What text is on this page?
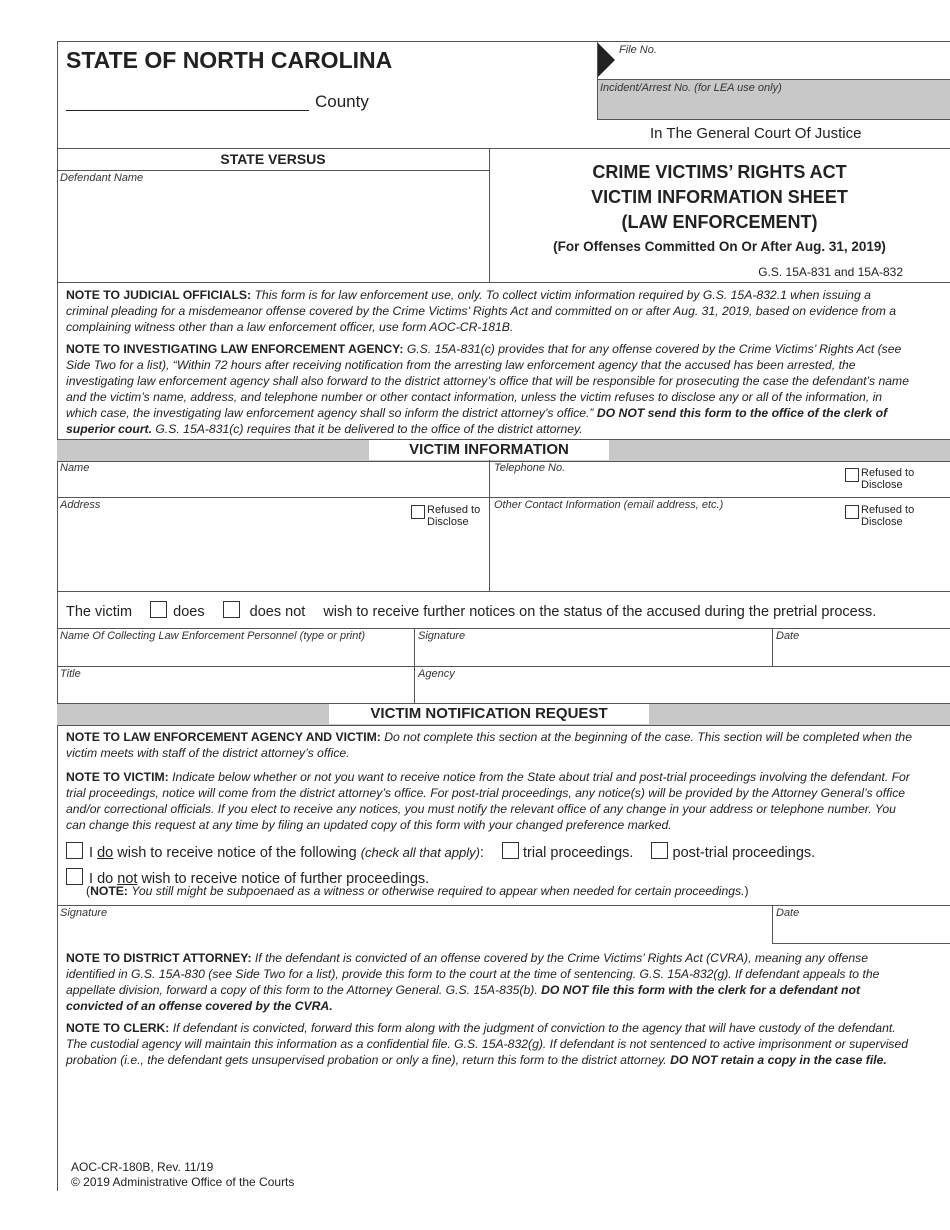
STATE OF NORTH CAROLINA
County
File No.
Incident/Arrest No. (for LEA use only)
In The General Court Of Justice
STATE VERSUS
Defendant Name	CRIME VICTIMS’ RIGHTS ACT
VICTIM INFORMATION SHEET
(LAW ENFORCEMENT)
(For Offenses Committed On Or After Aug. 31, 2019)
G.S. 15A-831 and 15A-832
NOTE TO JUDICIAL OFFICIALS: This form is for law enforcement use, only. To collect victim information required by G.S. 15A-832.1 when issuing a criminal pleading for a misdemeanor offense covered by the Crime Victims’ Rights Act and committed on or after Aug. 31, 2019, based on evidence from a complaining witness other than a law enforcement officer, use form AOC-CR-181B.
NOTE TO INVESTIGATING LAW ENFORCEMENT AGENCY: G.S. 15A-831(c) provides that for any offense covered by the Crime Victims’ Rights Act (see Side Two for a list), “Within 72 hours after receiving notification from the arresting law enforcement agency that the accused has been arrested, the investigating law enforcement agency shall also forward to the district attorney’s office that will be responsible for prosecuting the case the defendant’s name and the victim’s name, address, and telephone number or other contact information, unless the victim refuses to disclose any or all of the information, in which case, the investigating law enforcement agency shall so inform the district attorney’s office.” DO NOT send this form to the office of the clerk of superior court. G.S. 15A-831(c) requires that it be delivered to the office of the district attorney.
VICTIM INFORMATION
Name	Telephone No.	Refused to
Disclose
Address	Refused to
Disclose
Other Contact Information (email address, etc.)	Refused to
Disclose
The victim	does	does not wish to receive further notices on the status of the accused during the pretrial process.
Name Of Collecting Law Enforcement Personnel (type or print)	Signature	Date
Title	Agency
VICTIM NOTIFICATION REQUEST
NOTE TO LAW ENFORCEMENT AGENCY AND VICTIM: Do not complete this section at the beginning of the case. This section will be completed when the victim meets with staff of the district attorney’s office.
NOTE TO VICTIM: Indicate below whether or not you want to receive notice from the State about trial and post-trial proceedings involving the defendant. For trial proceedings, notice will come from the district attorney’s office. For post-trial proceedings, any notice(s) will be provided by the Attorney General’s office and/or correctional officials. If you elect to receive any notices, you must notify the relevant office of any change in your address or telephone number. You can change this request at any time by filing an updated copy of this form with your changed preference marked.
I do wish to receive notice of the following (check all that apply):	trial proceedings.	post-trial proceedings.
I do not wish to receive notice of further proceedings.
(NOTE: You still might be subpoenaed as a witness or otherwise required to appear when needed for certain proceedings.)
Signature	Date
NOTE TO DISTRICT ATTORNEY: If the defendant is convicted of an offense covered by the Crime Victims’ Rights Act (CVRA), meaning any offense identified in G.S. 15A-830 (see Side Two for a list), provide this form to the court at the time of sentencing. G.S. 15A-832(g). If defendant appeals to the appellate division, forward a copy of this form to the Attorney General. G.S. 15A-835(b). DO NOT file this form with the clerk for a defendant not convicted of an offense covered by the CVRA.
NOTE TO CLERK: If defendant is convicted, forward this form along with the judgment of conviction to the agency that will have custody of the defendant. The custodial agency will maintain this information as a confidential file. G.S. 15A-832(g). If defendant is not sentenced to active imprisonment or supervised probation (i.e., the defendant gets unsupervised probation or only a fine), return this form to the district attorney. DO NOT retain a copy in the case file.
AOC-CR-180B, Rev. 11/19
© 2019 Administrative Office of the Courts
